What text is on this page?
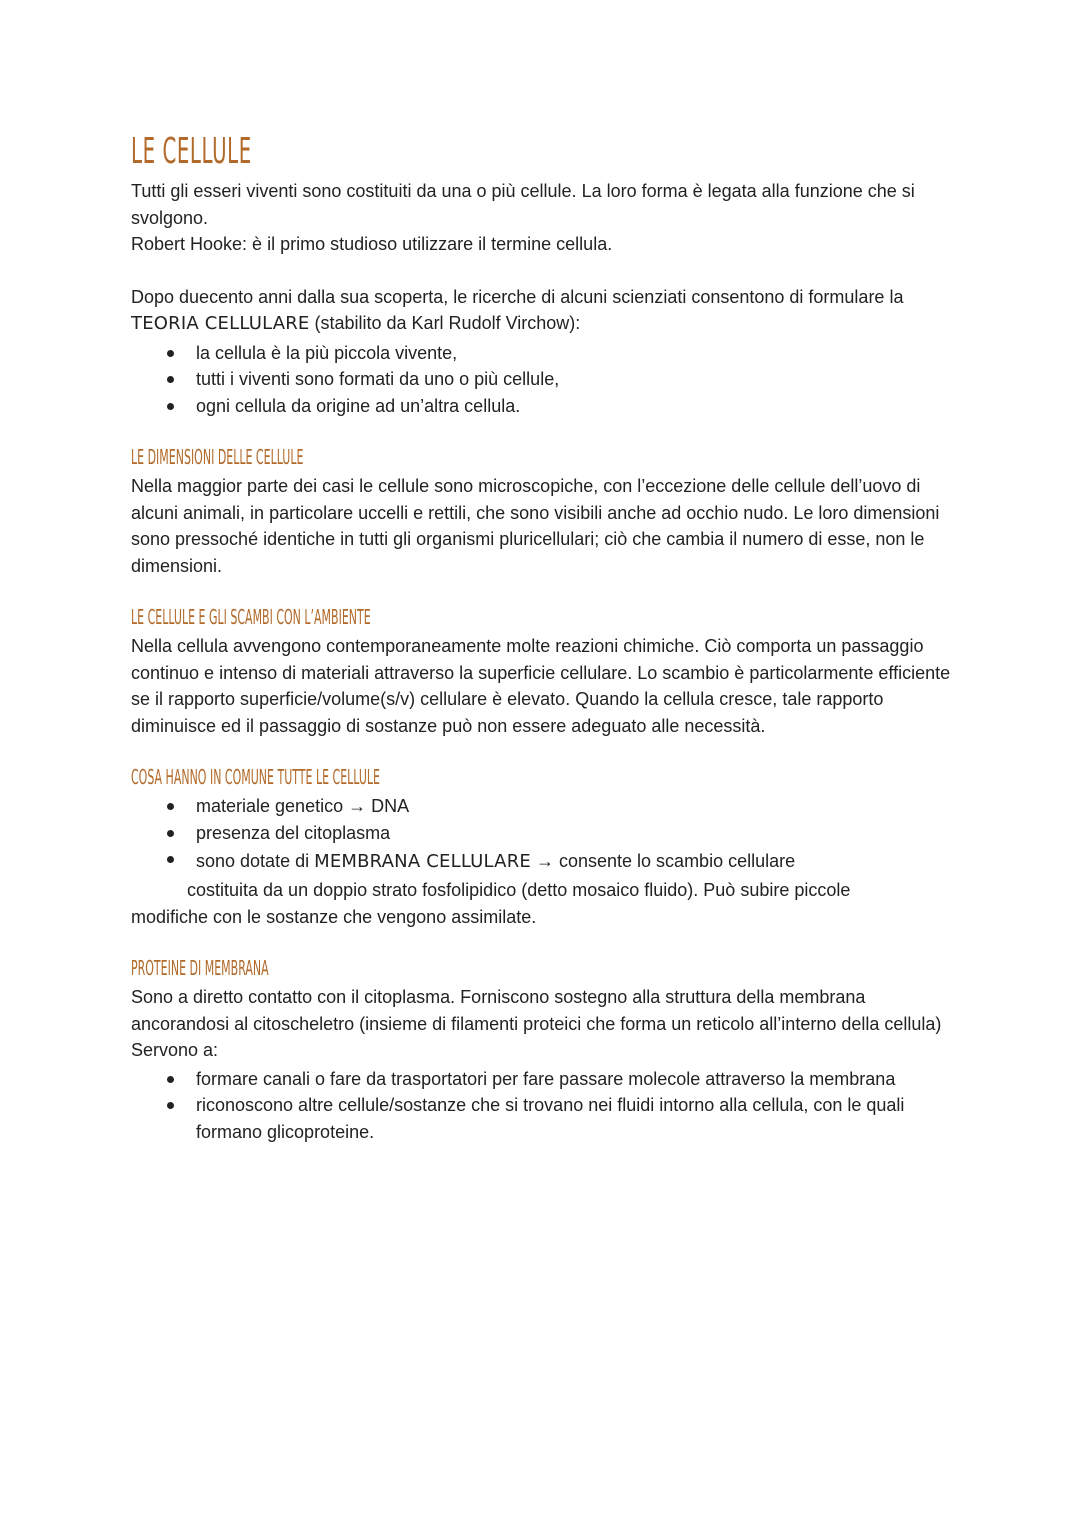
LE CELLULE

Tutti gli esseri viventi sono costituiti da una o più cellule. La loro forma è legata alla funzione che si svolgono.

Robert Hooke: è il primo studioso utilizzare il termine cellula.

Dopo duecento anni dalla sua scoperta, le ricerche di alcuni scienziati consentono di formulare la TEORIA CELLULARE (stabilito da Karl Rudolf Virchow):

la cellula è la più piccola vivente,
tutti i viventi sono formati da uno o più cellule,
ogni cellula da origine ad un’altra cellula.
LE DIMENSIONI DELLE CELLULE

Nella maggior parte dei casi le cellule sono microscopiche, con l’eccezione delle cellule dell’uovo di alcuni animali, in particolare uccelli e rettili, che sono visibili anche ad occhio nudo. Le loro dimensioni sono pressoché identiche in tutti gli organismi pluricellulari; ciò che cambia il numero di esse, non le dimensioni.

LE CELLULE E GLI SCAMBI CON L’AMBIENTE

Nella cellula avvengono contemporaneamente molte reazioni chimiche. Ciò comporta un passaggio continuo e intenso di materiali attraverso la superficie cellulare. Lo scambio è particolarmente efficiente se il rapporto superficie/volume(s/v) cellulare è elevato. Quando la cellula cresce, tale rapporto diminuisce ed il passaggio di sostanze può non essere adeguato alle necessità.

COSA HANNO IN COMUNE TUTTE LE CELLULE
materiale genetico → DNA
presenza del citoplasma
sono dotate di MEMBRANA CELLULARE → consente lo scambio cellulare

costituita da un doppio strato fosfolipidico (detto mosaico fluido). Può subire piccole

modifiche con le sostanze che vengono assimilate.

PROTEINE DI MEMBRANA

Sono a diretto contatto con il citoplasma. Forniscono sostegno alla struttura della membrana ancorandosi al citoscheletro (insieme di filamenti proteici che forma un reticolo all’interno della cellula)

Servono a:

formare canali o fare da trasportatori per fare passare molecole attraverso la membrana
riconoscono altre cellule/sostanze che si trovano nei fluidi intorno alla cellula, con le quali formano glicoproteine.
